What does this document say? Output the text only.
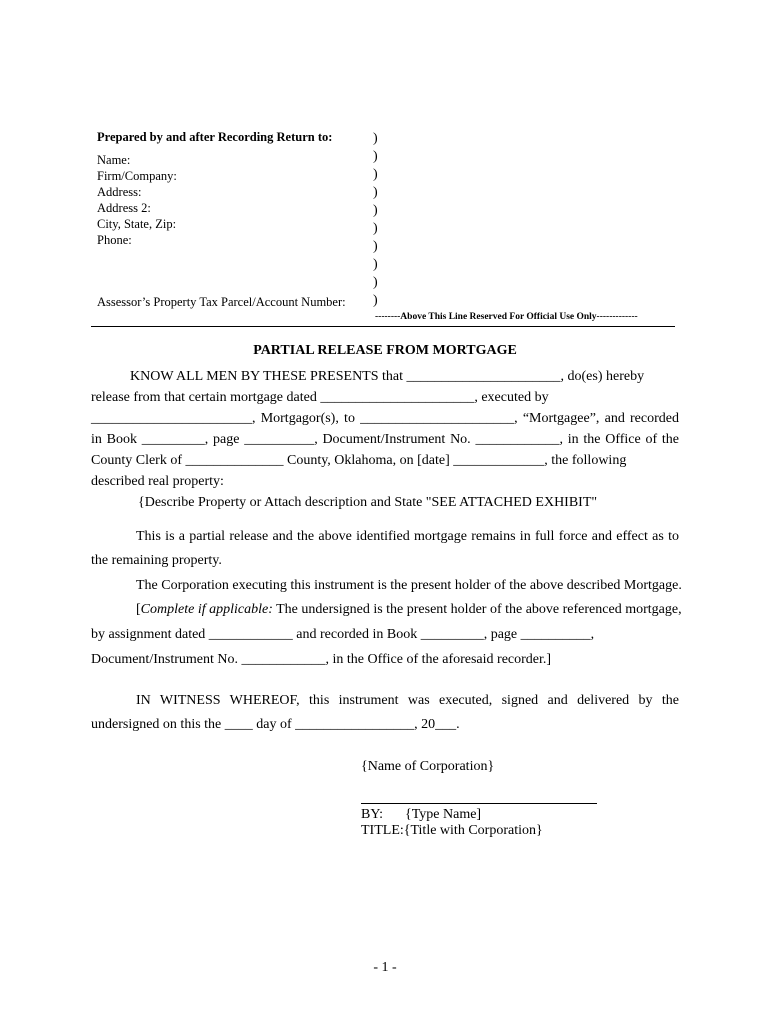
Prepared by and after Recording Return to:
Name:
Firm/Company:
Address:
Address 2:
City, State, Zip:
Phone:
Assessor’s Property Tax Parcel/Account Number:
)
)
)
)
)
)
)
)
)
)
--------Above This Line Reserved For Official Use Only-------------
PARTIAL RELEASE FROM MORTGAGE
KNOW ALL MEN BY THESE PRESENTS that ______________________, do(es) hereby
release from that certain mortgage dated ______________________, executed by
_______________________, Mortgagor(s), to ______________________, “Mortgagee”, and recorded
in Book _________, page __________, Document/Instrument No. ____________, in the Office of the
County Clerk of ______________ County, Oklahoma, on [date] _____________, the following
described real property:
{Describe Property or Attach description and State "SEE ATTACHED EXHIBIT"
This is a partial release and the above identified mortgage remains in full force and effect as to
the remaining property.
The Corporation executing this instrument is the present holder of the above described Mortgage.
[Complete if applicable: The undersigned is the present holder of the above referenced mortgage,
by assignment dated ____________ and recorded in Book _________, page __________,
Document/Instrument No. ____________, in the Office of the aforesaid recorder.]
IN WITNESS WHEREOF, this instrument was executed, signed and delivered by the
undersigned on this the ____ day of _________________, 20___.
{Name of Corporation}
BY: {Type Name]
TITLE:{Title with Corporation}
- 1 -
